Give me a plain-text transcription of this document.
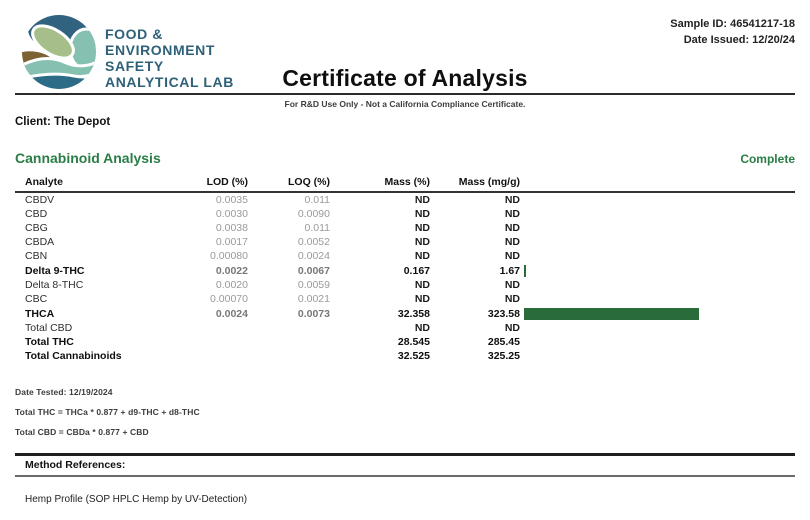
FOOD &
ENVIRONMENT
SAFETY
ANALYTICAL LAB
Sample ID: 46541217-18
Date Issued: 12/20/24
Certificate of Analysis
For R&D Use Only - Not a California Compliance Certificate.
Client: The Depot
Cannabinoid Analysis	Complete
Analyte	LOD (%)	LOQ (%)	Mass (%)	Mass (mg/g)	
CBDV	0.0035	0.011	ND	ND	
CBD	0.0030	0.0090	ND	ND	
CBG	0.0038	0.011	ND	ND	
CBDA	0.0017	0.0052	ND	ND	
CBN	0.00080	0.0024	ND	ND	
Delta 9-THC	0.0022	0.0067	0.167	1.67	

Delta 8-THC	0.0020	0.0059	ND	ND	
CBC	0.00070	0.0021	ND	ND	
THCA	0.0024	0.0073	32.358	323.58	

Total CBD			ND	ND	
Total THC			28.545	285.45	
Total Cannabinoids			32.525	325.25	
Date Tested: 12/19/2024
Total THC = THCa * 0.877 + d9-THC + d8-THC
Total CBD = CBDa * 0.877 + CBD
Method References:
Hemp Profile (SOP HPLC Hemp by UV-Detection)
